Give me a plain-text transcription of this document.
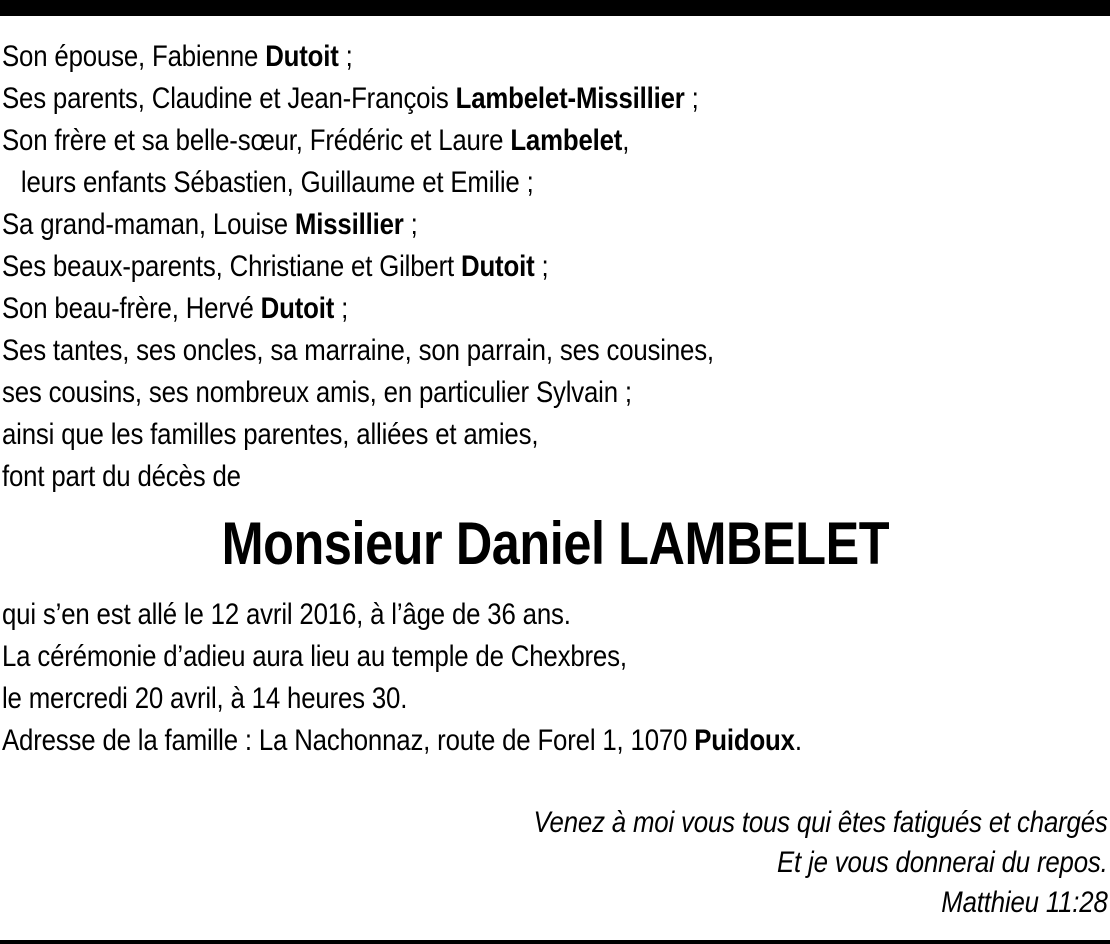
Son épouse, Fabienne Dutoit ;
Ses parents, Claudine et Jean-François Lambelet-Missillier ;
Son frère et sa belle-sœur, Frédéric et Laure Lambelet,
leurs enfants Sébastien, Guillaume et Emilie ;
Sa grand-maman, Louise Missillier ;
Ses beaux-parents, Christiane et Gilbert Dutoit ;
Son beau-frère, Hervé Dutoit ;
Ses tantes, ses oncles, sa marraine, son parrain, ses cousines,
ses cousins, ses nombreux amis, en particulier Sylvain ;
ainsi que les familles parentes, alliées et amies,
font part du décès de
Monsieur Daniel LAMBELET
qui s’en est allé le 12 avril 2016, à l’âge de 36 ans.
La cérémonie d’adieu aura lieu au temple de Chexbres,
le mercredi 20 avril, à 14 heures 30.
Adresse de la famille : La Nachonnaz, route de Forel 1, 1070 Puidoux.
Venez à moi vous tous qui êtes fatigués et chargés
Et je vous donnerai du repos.
Matthieu 11:28
